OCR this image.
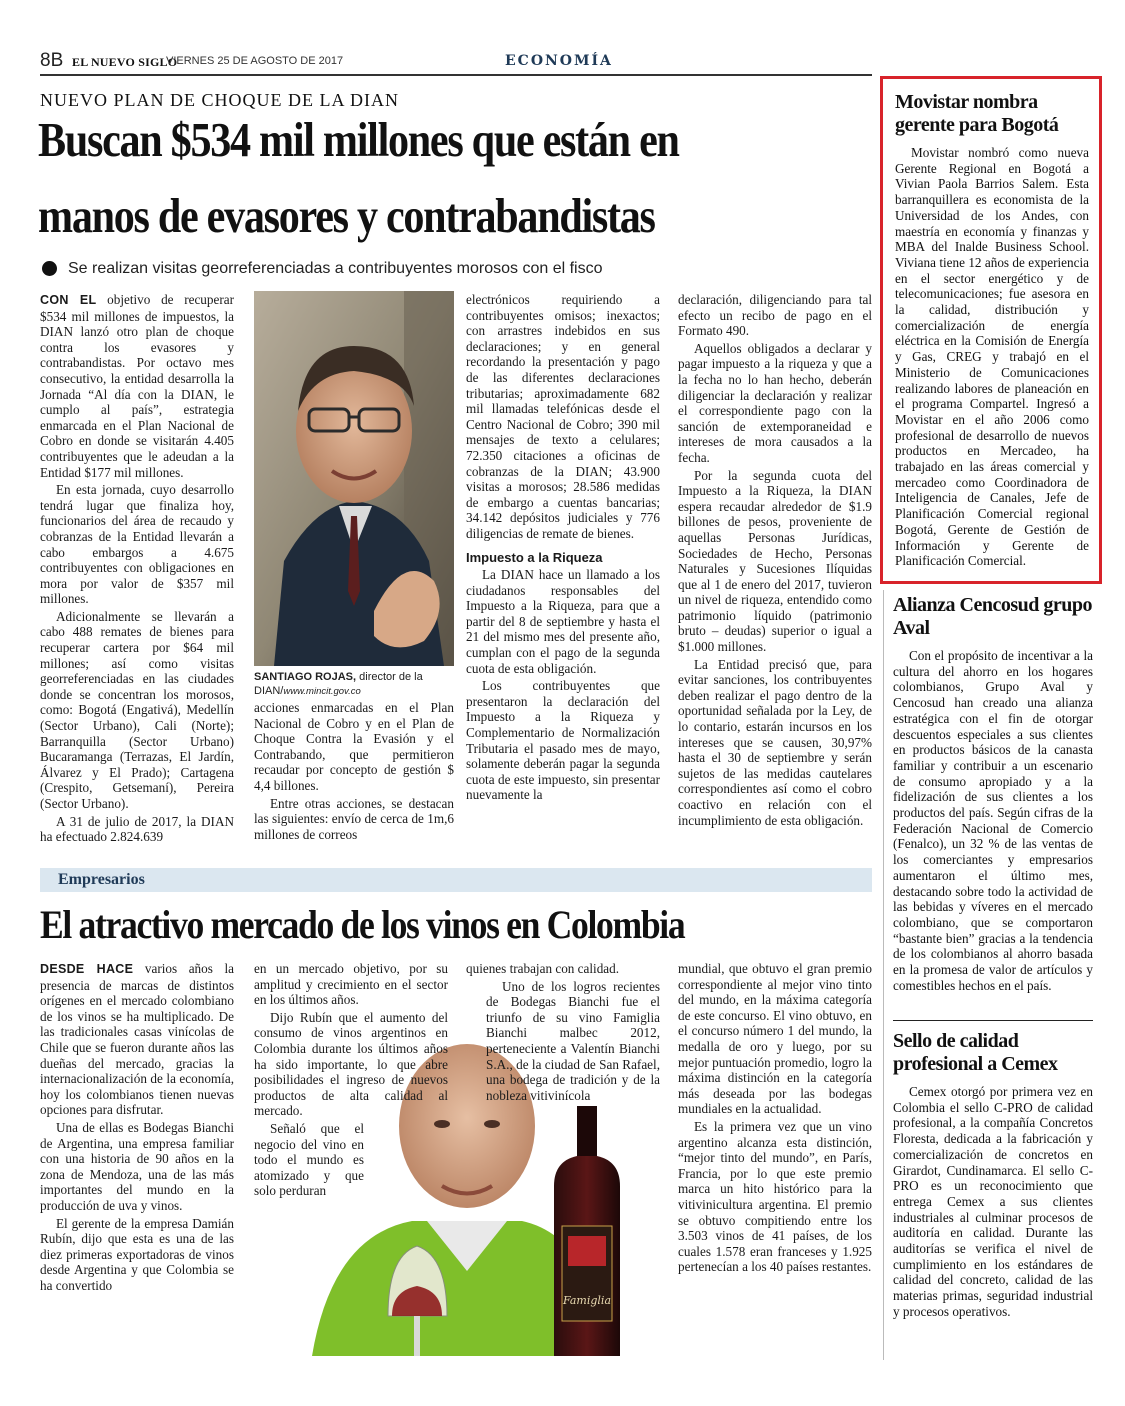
8B EL NUEVO SIGLO
VIERNES 25 DE AGOSTO DE 2017	ECONOMÍA
NUEVO PLAN DE CHOQUE DE LA DIAN
Buscan $534 mil millones que están en
manos de evasores y contrabandistas
Se realizan visitas georreferenciadas a contribuyentes morosos con el fisco

CON EL objetivo de recuperar $534 mil millones de impuestos, la DIAN lanzó otro plan de choque contra los evasores y contrabandistas. Por octavo mes consecutivo, la entidad desarrolla la Jornada “Al día con la DIAN, le cumplo al país”, estrategia enmarcada en el Plan Nacional de Cobro en donde se visitarán 4.405 contribuyentes que le adeudan a la Entidad $177 mil millones.

En esta jornada, cuyo desarrollo tendrá lugar que finaliza hoy, funcionarios del área de recaudo y cobranzas de la Entidad llevarán a cabo embargos a 4.675 contribuyentes con obligaciones en mora por valor de $357 mil millones.

Adicionalmente se llevarán a cabo 488 remates de bienes para recuperar cartera por $64 mil millones; así como visitas georreferenciadas en las ciudades donde se concentran los morosos, como: Bogotá (Engativá), Medellín (Sector Urbano), Cali (Norte); Barranquilla (Sector Urbano) Bucaramanga (Terrazas, El Jardín, Álvarez y El Prado); Cartagena (Crespito, Getsemaní), Pereira (Sector Urbano).

A 31 de julio de 2017, la DIAN ha efectuado 2.824.639

SANTIAGO ROJAS, director de la
DIAN/www.mincit.gov.co

acciones enmarcadas en el Plan Nacional de Cobro y en el Plan de Choque Contra la Evasión y el Contrabando, que permitieron recaudar por concepto de gestión $ 4,4 billones.

Entre otras acciones, se destacan las siguientes: envío de cerca de 1m,6 millones de correos

electrónicos requiriendo a contribuyentes omisos; inexactos; con arrastres indebidos en sus declaraciones; y en general recordando la presentación y pago de las diferentes declaraciones tributarias; aproximadamente 682 mil llamadas telefónicas desde el Centro Nacional de Cobro; 390 mil mensajes de texto a celulares; 72.350 citaciones a oficinas de cobranzas de la DIAN; 43.900 visitas a morosos; 28.586 medidas de embargo a cuentas bancarias; 34.142 depósitos judiciales y 776 diligencias de remate de bienes.

Impuesto a la Riqueza

La DIAN hace un llamado a los ciudadanos responsables del Impuesto a la Riqueza, para que a partir del 8 de septiembre y hasta el 21 del mismo mes del presente año, cumplan con el pago de la segunda cuota de esta obligación.

Los contribuyentes que presentaron la declaración del Impuesto a la Riqueza y Complementario de Normalización Tributaria el pasado mes de mayo, solamente deberán pagar la segunda cuota de este impuesto, sin presentar nuevamente la

declaración, diligenciando para tal efecto un recibo de pago en el Formato 490.

Aquellos obligados a declarar y pagar impuesto a la riqueza y que a la fecha no lo han hecho, deberán diligenciar la declaración y realizar el correspondiente pago con la sanción de extemporaneidad e intereses de mora causados a la fecha.

Por la segunda cuota del Impuesto a la Riqueza, la DIAN espera recaudar alrededor de $1.9 billones de pesos, proveniente de aquellas Personas Jurídicas, Sociedades de Hecho, Personas Naturales y Sucesiones Ilíquidas que al 1 de enero del 2017, tuvieron un nivel de riqueza, entendido como patrimonio líquido (patrimonio bruto – deudas) superior o igual a $1.000 millones.

La Entidad precisó que, para evitar sanciones, los contribuyentes deben realizar el pago dentro de la oportunidad señalada por la Ley, de lo contario, estarán incursos en los intereses que se causen, 30,97% hasta el 30 de septiembre y serán sujetos de las medidas cautelares correspondientes así como el cobro coactivo en relación con el incumplimiento de esta obligación.

Empresarios
El atractivo mercado de los vinos en Colombia
Famiglia

DESDE HACE varios años la presencia de marcas de distintos orígenes en el mercado colombiano de los vinos se ha multiplicado. De las tradicionales casas vinícolas de Chile que se fueron durante años las dueñas del mercado, gracias la internacionalización de la economía, hoy los colombianos tienen nuevas opciones para disfrutar.

Una de ellas es Bodegas Bianchi de Argentina, una empresa familiar con una historia de 90 años en la zona de Mendoza, una de las más importantes del mundo en la producción de uva y vinos.

El gerente de la empresa Damián Rubín, dijo que esta es una de las diez primeras exportadoras de vinos desde Argentina y que Colombia se ha convertido

en un mercado objetivo, por su amplitud y crecimiento en el sector en los últimos años.

Dijo Rubín que el aumento del consumo de vinos argentinos en Colombia durante los últimos años ha sido importante, lo que abre posibilidades el ingreso de nuevos productos de alta calidad al mercado.

Señaló que el negocio del vino en todo el mundo es atomizado y que solo perduran

quienes trabajan con calidad.

Uno de los logros recientes de Bodegas Bianchi fue el triunfo de su vino Famiglia Bianchi malbec 2012, perteneciente a Valentín Bianchi S.A., de la ciudad de San Rafael, una bodega de tradición y de la nobleza vitivinícola

mundial, que obtuvo el gran premio correspondiente al mejor vino tinto del mundo, en la máxima categoría de este concurso. El vino obtuvo, en el concurso número 1 del mundo, la medalla de oro y luego, por su mejor puntuación promedio, logro la máxima distinción en la categoría más deseada por las bodegas mundiales en la actualidad.

Es la primera vez que un vino argentino alcanza esta distinción, “mejor tinto del mundo”, en París, Francia, por lo que este premio marca un hito histórico para la vitivinicultura argentina. El premio se obtuvo compitiendo entre los 3.503 vinos de 41 países, de los cuales 1.578 eran franceses y 1.925 pertenecían a los 40 países restantes.

Movistar nombra gerente para Bogotá

Movistar nombró como nueva Gerente Regional en Bogotá a Vivian Paola Barrios Salem. Esta barranquillera es economista de la Universidad de los Andes, con maestría en economía y finanzas y MBA del Inalde Business School. Viviana tiene 12 años de experiencia en el sector energético y de telecomunicaciones; fue asesora en la calidad, distribución y comercialización de energía eléctrica en la Comisión de Energía y Gas, CREG y trabajó en el Ministerio de Comunicaciones realizando labores de planeación en el programa Compartel. Ingresó a Movistar en el año 2006 como profesional de desarrollo de nuevos productos en Mercadeo, ha trabajado en las áreas comercial y mercadeo como Coordinadora de Inteligencia de Canales, Jefe de Planificación Comercial regional Bogotá, Gerente de Gestión de Información y Gerente de Planificación Comercial.

Alianza Cencosud grupo Aval

Con el propósito de incentivar a la cultura del ahorro en los hogares colombianos, Grupo Aval y Cencosud han creado una alianza estratégica con el fin de otorgar descuentos especiales a sus clientes en productos básicos de la canasta familiar y contribuir a un escenario de consumo apropiado y a la fidelización de sus clientes a los productos del país. Según cifras de la Federación Nacional de Comercio (Fenalco), un 32 % de las ventas de los comerciantes y empresarios aumentaron el último mes, destacando sobre todo la actividad de las bebidas y víveres en el mercado colombiano, que se comportaron “bastante bien” gracias a la tendencia de los colombianos al ahorro basada en la promesa de valor de artículos y comestibles hechos en el país.

Sello de calidad profesional a Cemex

Cemex otorgó por primera vez en Colombia el sello C-PRO de calidad profesional, a la compañía Concretos Floresta, dedicada a la fabricación y comercialización de concretos en Girardot, Cundinamarca. El sello C-PRO es un reconocimiento que entrega Cemex a sus clientes industriales al culminar procesos de auditoría en calidad. Durante las auditorías se verifica el nivel de cumplimiento en los estándares de calidad del concreto, calidad de las materias primas, seguridad industrial y procesos operativos.
